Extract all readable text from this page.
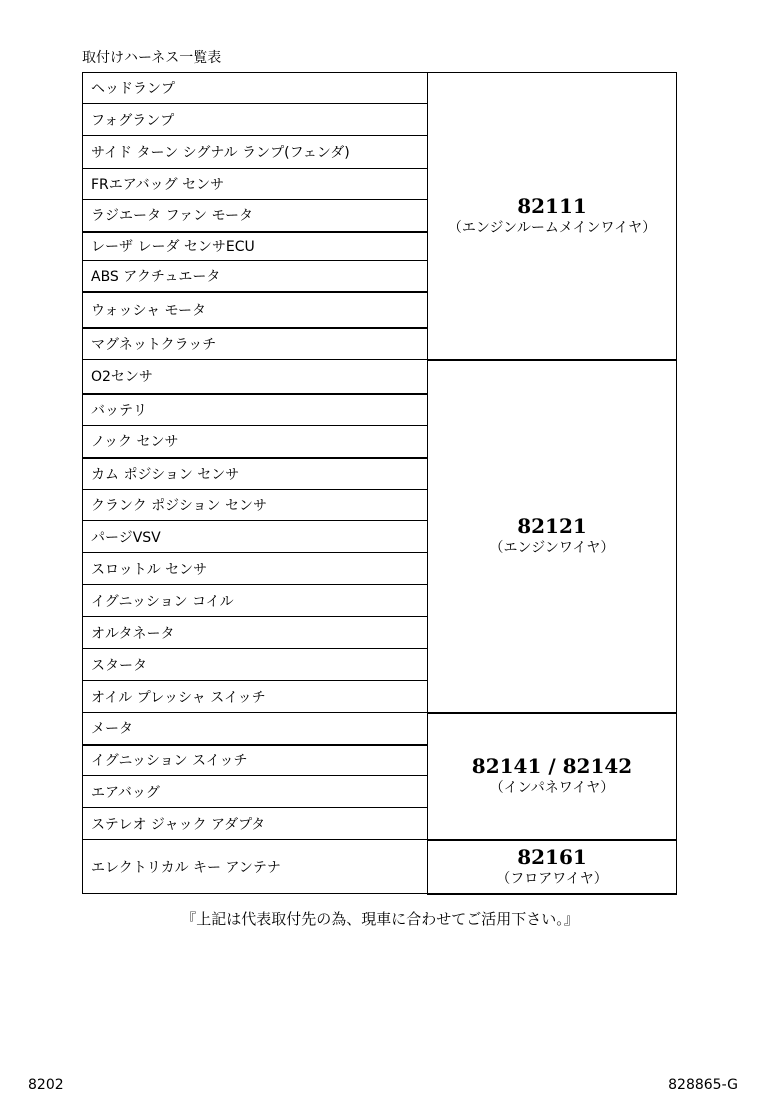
取付けハーネス一覧表
ヘッドランプ	82111
（エンジンルームメインワイヤ）

フォグランプ	
サイド ターン シグナル ランプ(フェンダ)	
FRエアバッグ センサ	
ラジエータ ファン モータ	
レーザ レーダ センサECU	
ABS アクチュエータ	
ウォッシャ モータ	
マグネットクラッチ	
O2センサ	82121
（エンジンワイヤ）

バッテリ	
ノック センサ	
カム ポジション センサ	
クランク ポジション センサ	
パージVSV	
スロットル センサ	
イグニッション コイル	
オルタネータ	
スタータ	
オイル プレッシャ スイッチ	
メータ	82141 / 82142
（インパネワイヤ）

イグニッション スイッチ	
エアバッグ	
ステレオ ジャック アダプタ	
エレクトリカル キー アンテナ	82161
（フロアワイヤ）
『上記は代表取付先の為、現車に合わせてご活用下さい。』
8202	828865-G
